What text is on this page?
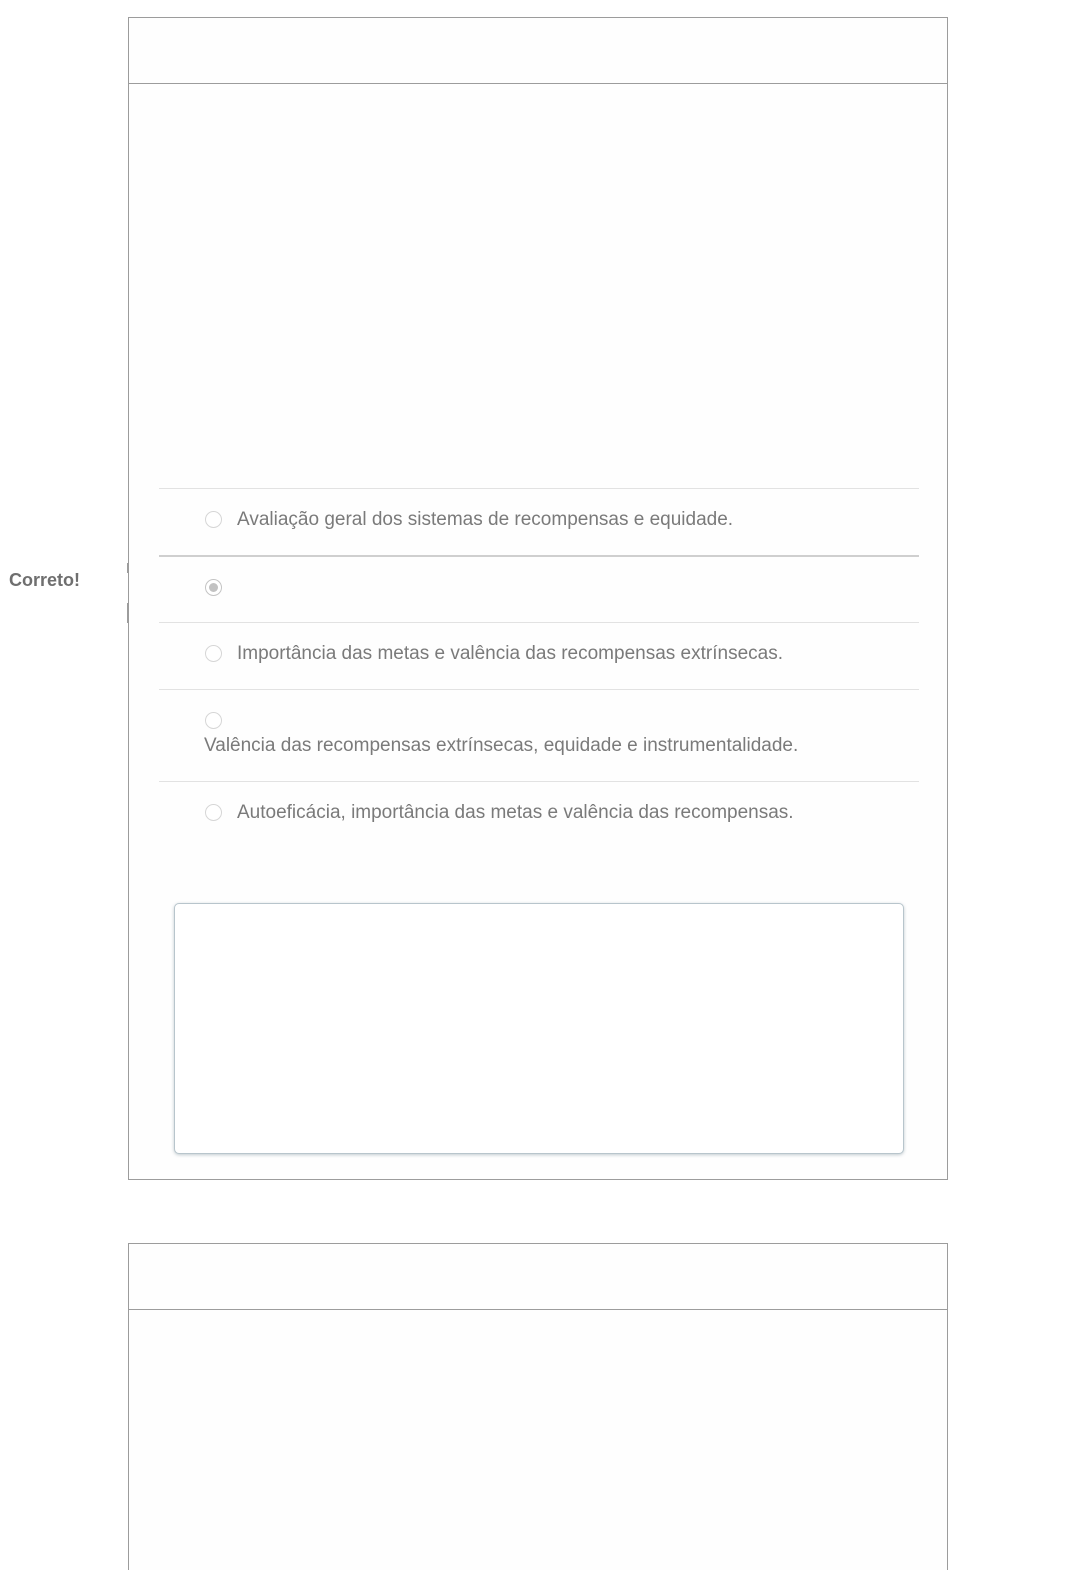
Avaliação geral dos sistemas de recompensas e equidade.
Importância das metas e valência das recompensas extrínsecas.
Valência das recompensas extrínsecas, equidade e instrumentalidade.
Autoeficácia, importância das metas e valência das recompensas.
Correto!
